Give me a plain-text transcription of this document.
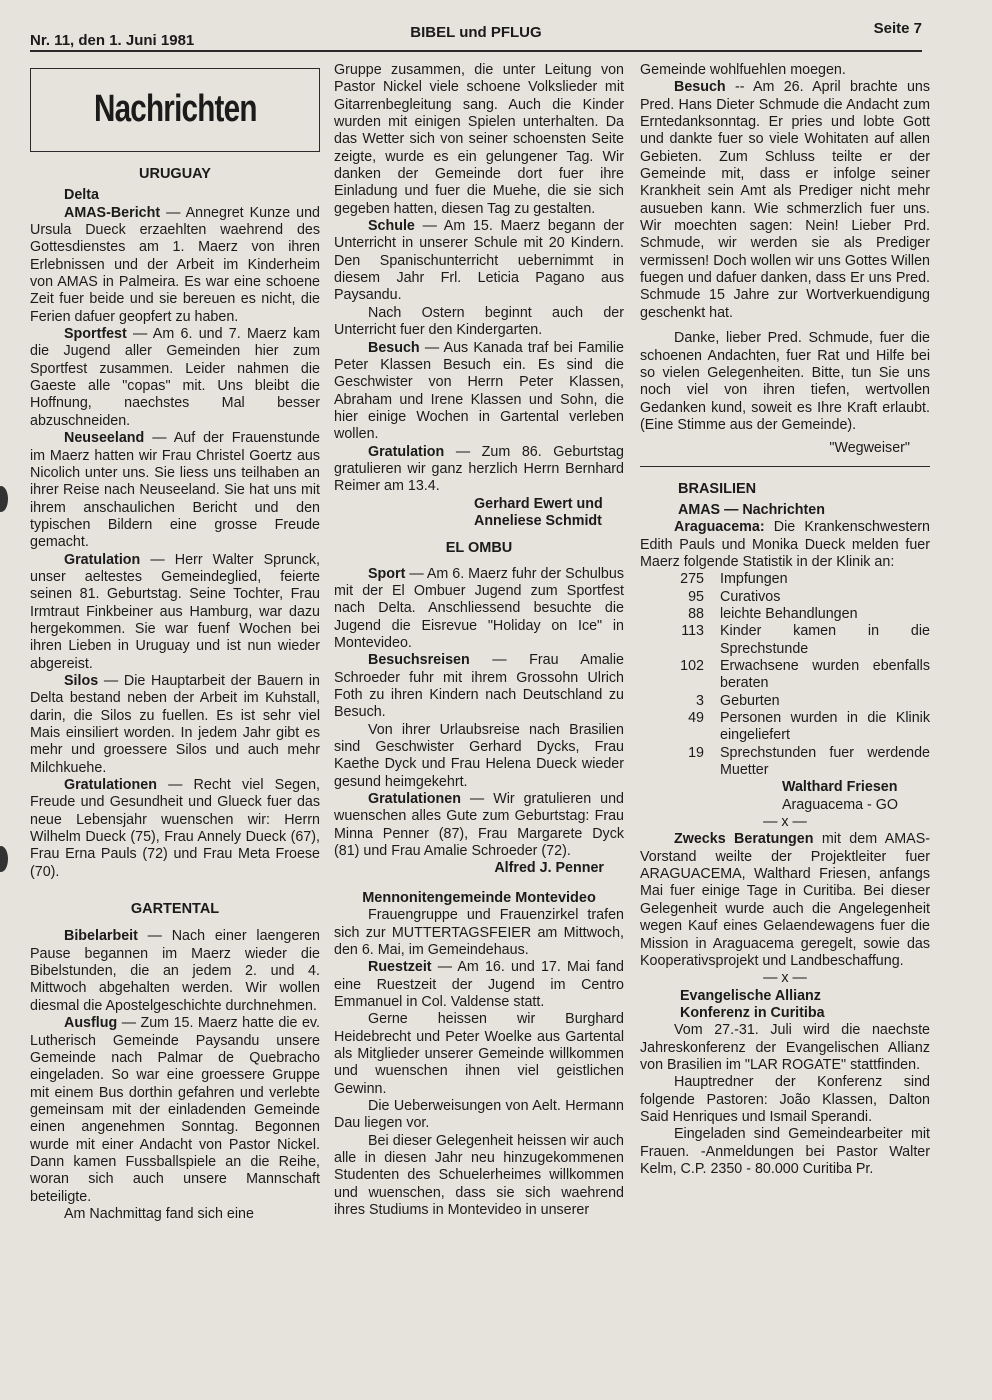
Nr. 11, den 1. Juni 1981	BIBEL und PFLUG	Seite 7
Nachrichten
URUGUAY
Delta

AMAS-Bericht — Annegret Kunze und Ursula Dueck erzaehlten waehrend des Gottesdienstes am 1. Maerz von ihren Erlebnissen und der Arbeit im Kinderheim von AMAS in Palmeira. Es war eine schoene Zeit fuer beide und sie bereuen es nicht, die Ferien dafuer geopfert zu haben.

Sportfest — Am 6. und 7. Maerz kam die Jugend aller Gemeinden hier zum Sportfest zusammen. Leider nahmen die Gaeste alle "copas" mit. Uns bleibt die Hoffnung, naechstes Mal besser abzuschneiden.

Neuseeland — Auf der Frauenstunde im Maerz hatten wir Frau Christel Goertz aus Nicolich unter uns. Sie liess uns teilhaben an ihrer Reise nach Neuseeland. Sie hat uns mit ihrem anschaulichen Bericht und den typischen Bildern eine grosse Freude gemacht.

Gratulation — Herr Walter Sprunck, unser aeltestes Gemeindeglied, feierte seinen 81. Geburtstag. Seine Tochter, Frau Irmtraut Finkbeiner aus Hamburg, war dazu hergekommen. Sie war fuenf Wochen bei ihren Lieben in Uruguay und ist nun wieder abgereist.

Silos — Die Hauptarbeit der Bauern in Delta bestand neben der Arbeit im Kuhstall, darin, die Silos zu fuellen. Es ist sehr viel Mais einsiliert worden. In jedem Jahr gibt es mehr und groessere Silos und auch mehr Milchkuehe.

Gratulationen — Recht viel Segen, Freude und Gesundheit und Glueck fuer das neue Lebensjahr wuenschen wir: Herrn Wilhelm Dueck (75), Frau Annely Dueck (67), Frau Erna Pauls (72) und Frau Meta Froese (70).

GARTENTAL

Bibelarbeit — Nach einer laengeren Pause begannen im Maerz wieder die Bibelstunden, die an jedem 2. und 4. Mittwoch abgehalten werden. Wir wollen diesmal die Apostelgeschichte durchnehmen.

Ausflug — Zum 15. Maerz hatte die ev. Lutherisch Gemeinde Paysandu unsere Gemeinde nach Palmar de Quebracho eingeladen. So war eine groessere Gruppe mit einem Bus dorthin gefahren und verlebte gemeinsam mit der einladenden Gemeinde einen angenehmen Sonntag. Begonnen wurde mit einer Andacht von Pastor Nickel. Dann kamen Fussballspiele an die Reihe, woran sich auch unsere Mannschaft beteiligte.

Am Nachmittag fand sich eine

Gruppe zusammen, die unter Leitung von Pastor Nickel viele schoene Volkslieder mit Gitarrenbegleitung sang. Auch die Kinder wurden mit einigen Spielen unterhalten. Da das Wetter sich von seiner schoensten Seite zeigte, wurde es ein gelungener Tag. Wir danken der Gemeinde dort fuer ihre Einladung und fuer die Muehe, die sie sich gegeben hatten, diesen Tag zu gestalten.

Schule — Am 15. Maerz begann der Unterricht in unserer Schule mit 20 Kindern. Den Spanischunterricht uebernimmt in diesem Jahr Frl. Leticia Pagano aus Paysandu.

Nach Ostern beginnt auch der Unterricht fuer den Kindergarten.

Besuch — Aus Kanada traf bei Familie Peter Klassen Besuch ein. Es sind die Geschwister von Herrn Peter Klassen, Abraham und Irene Klassen und Sohn, die hier einige Wochen in Gartental verleben wollen.

Gratulation — Zum 86. Geburtstag gratulieren wir ganz herzlich Herrn Bernhard Reimer am 13.4.

Gerhard Ewert und
Anneliese Schmidt
EL OMBU

Sport — Am 6. Maerz fuhr der Schulbus mit der El Ombuer Jugend zum Sportfest nach Delta. Anschliessend besuchte die Jugend die Eisrevue "Holiday on Ice" in Montevideo.

Besuchsreisen — Frau Amalie Schroeder fuhr mit ihrem Grossohn Ulrich Foth zu ihren Kindern nach Deutschland zu Besuch.

Von ihrer Urlaubsreise nach Brasilien sind Geschwister Gerhard Dycks, Frau Kaethe Dyck und Frau Helena Dueck wieder gesund heimgekehrt.

Gratulationen — Wir gratulieren und wuenschen alles Gute zum Geburtstag: Frau Minna Penner (87), Frau Margarete Dyck (81) und Frau Amalie Schroeder (72).

Alfred J. Penner
Mennonitengemeinde Montevideo

Frauengruppe und Frauenzirkel trafen sich zur MUTTERTAGSFEIER am Mittwoch, den 6. Mai, im Gemeindehaus.

Ruestzeit — Am 16. und 17. Mai fand eine Ruestzeit der Jugend im Centro Emmanuel in Col. Valdense statt.

Gerne heissen wir Burghard Heidebrecht und Peter Woelke aus Gartental als Mitglieder unserer Gemeinde willkommen und wuenschen ihnen viel geistlichen Gewinn.

Die Ueberweisungen von Aelt. Hermann Dau liegen vor.

Bei dieser Gelegenheit heissen wir auch alle in diesen Jahr neu hinzugekommenen Studenten des Schuelerheimes willkommen und wuenschen, dass sie sich waehrend ihres Studiums in Montevideo in unserer

Gemeinde wohlfuehlen moegen.

Besuch -- Am 26. April brachte uns Pred. Hans Dieter Schmude die Andacht zum Erntedanksonntag. Er pries und lobte Gott und dankte fuer so viele Wohitaten auf allen Gebieten. Zum Schluss teilte er der Gemeinde mit, dass er infolge seiner Krankheit sein Amt als Prediger nicht mehr ausueben kann. Wie schmerzlich fuer uns. Wir moechten sagen: Nein! Lieber Prd. Schmude, wir werden sie als Prediger vermissen! Doch wollen wir uns Gottes Willen fuegen und dafuer danken, dass Er uns Pred. Schmude 15 Jahre zur Wortverkuendigung geschenkt hat.

Danke, lieber Pred. Schmude, fuer die schoenen Andachten, fuer Rat und Hilfe bei so vielen Gelegenheiten. Bitte, tun Sie uns noch viel von ihren tiefen, wertvollen Gedanken kund, soweit es Ihre Kraft erlaubt. (Eine Stimme aus der Gemeinde).

"Wegweiser"
BRASILIEN
AMAS — Nachrichten

Araguacema: Die Krankenschwestern Edith Pauls und Monika Dueck melden fuer Maerz folgende Statistik in der Klinik an:

275	Impfungen
95	Curativos
88	leichte Behandlungen
113	Kinder kamen in die Sprechstunde
102	Erwachsene wurden ebenfalls beraten
3	Geburten
49	Personen wurden in die Klinik eingeliefert
19	Sprechstunden fuer werdende Muetter
Walthard Friesen
Araguacema - GO
— x —

Zwecks Beratungen mit dem AMAS-Vorstand weilte der Projektleiter fuer ARAGUACEMA, Walthard Friesen, anfangs Mai fuer einige Tage in Curitiba. Bei dieser Gelegenheit wurde auch die Angelegenheit wegen Kauf eines Gelaendewagens fuer die Mission in Araguacema geregelt, sowie das Kooperativsprojekt und Landbeschaffung.

— x —
Evangelische Allianz
Konferenz in Curitiba

Vom 27.-31. Juli wird die naechste Jahreskonferenz der Evangelischen Allianz von Brasilien im "LAR ROGATE" stattfinden.

Hauptredner der Konferenz sind folgende Pastoren: João Klassen, Dalton Said Henriques und Ismail Sperandi.

Eingeladen sind Gemeindearbeiter mit Frauen. -Anmeldungen bei Pastor Walter Kelm, C.P. 2350 - 80.000 Curitiba Pr.
